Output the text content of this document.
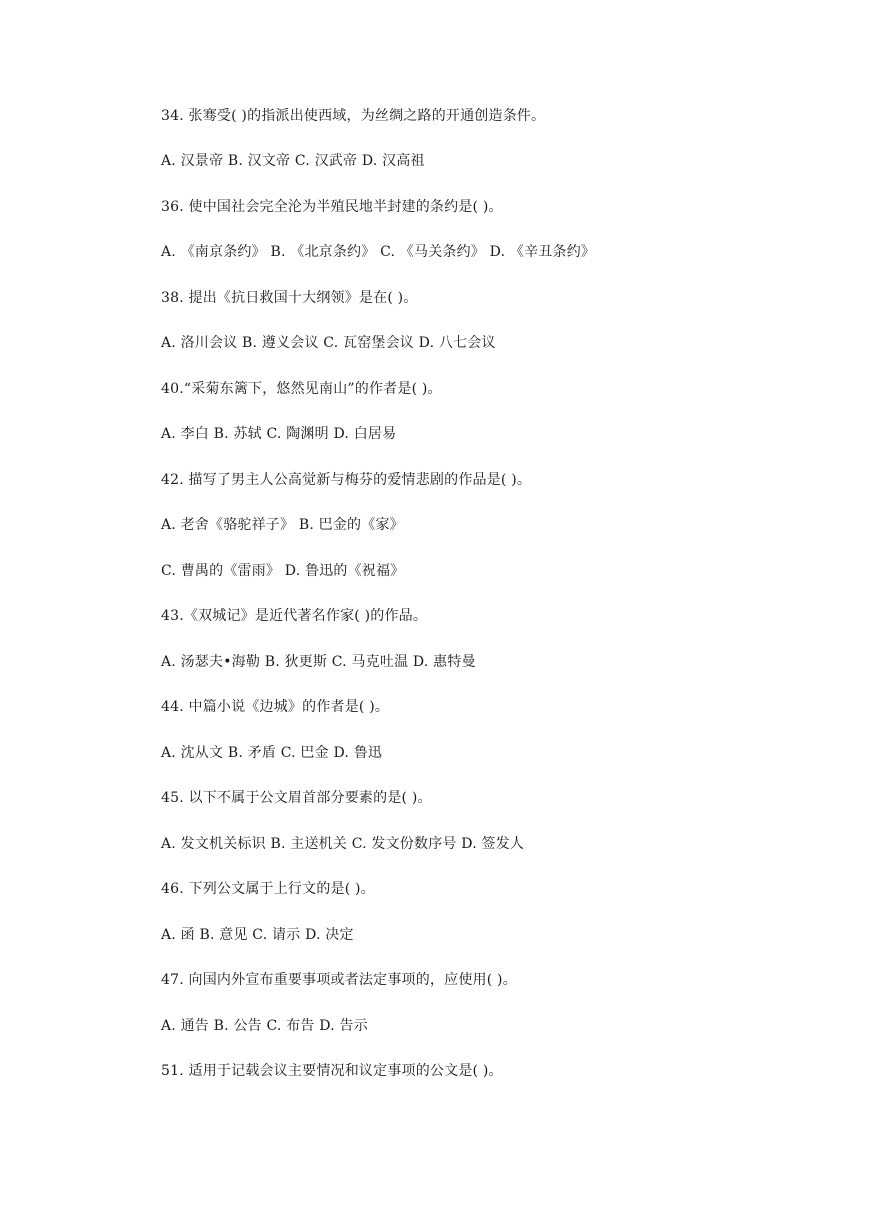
34. 张骞受( )的指派出使西域，为丝绸之路的开通创造条件。
A. 汉景帝 B. 汉文帝 C. 汉武帝 D. 汉高祖
36. 使中国社会完全沦为半殖民地半封建的条约是( )。
A. 《南京条约》 B. 《北京条约》 C. 《马关条约》 D. 《辛丑条约》
38. 提出《抗日救国十大纲领》是在( )。
A. 洛川会议 B. 遵义会议 C. 瓦窑堡会议 D. 八七会议
40.“采菊东篱下，悠然见南山”的作者是( )。
A. 李白 B. 苏轼 C. 陶渊明 D. 白居易
42. 描写了男主人公高觉新与梅芬的爱情悲剧的作品是( )。
A. 老舍《骆驼祥子》 B. 巴金的《家》
C. 曹禺的《雷雨》 D. 鲁迅的《祝福》
43.《双城记》是近代著名作家( )的作品。
A. 汤瑟夫•海勒 B. 狄更斯 C. 马克吐温 D. 惠特曼
44. 中篇小说《边城》的作者是( )。
A. 沈从文 B. 矛盾 C. 巴金 D. 鲁迅
45. 以下不属于公文眉首部分要素的是( )。
A. 发文机关标识 B. 主送机关 C. 发文份数序号 D. 签发人
46. 下列公文属于上行文的是( )。
A. 函 B. 意见 C. 请示 D. 决定
47. 向国内外宣布重要事项或者法定事项的，应使用( )。
A. 通告 B. 公告 C. 布告 D. 告示
51. 适用于记载会议主要情况和议定事项的公文是( )。
